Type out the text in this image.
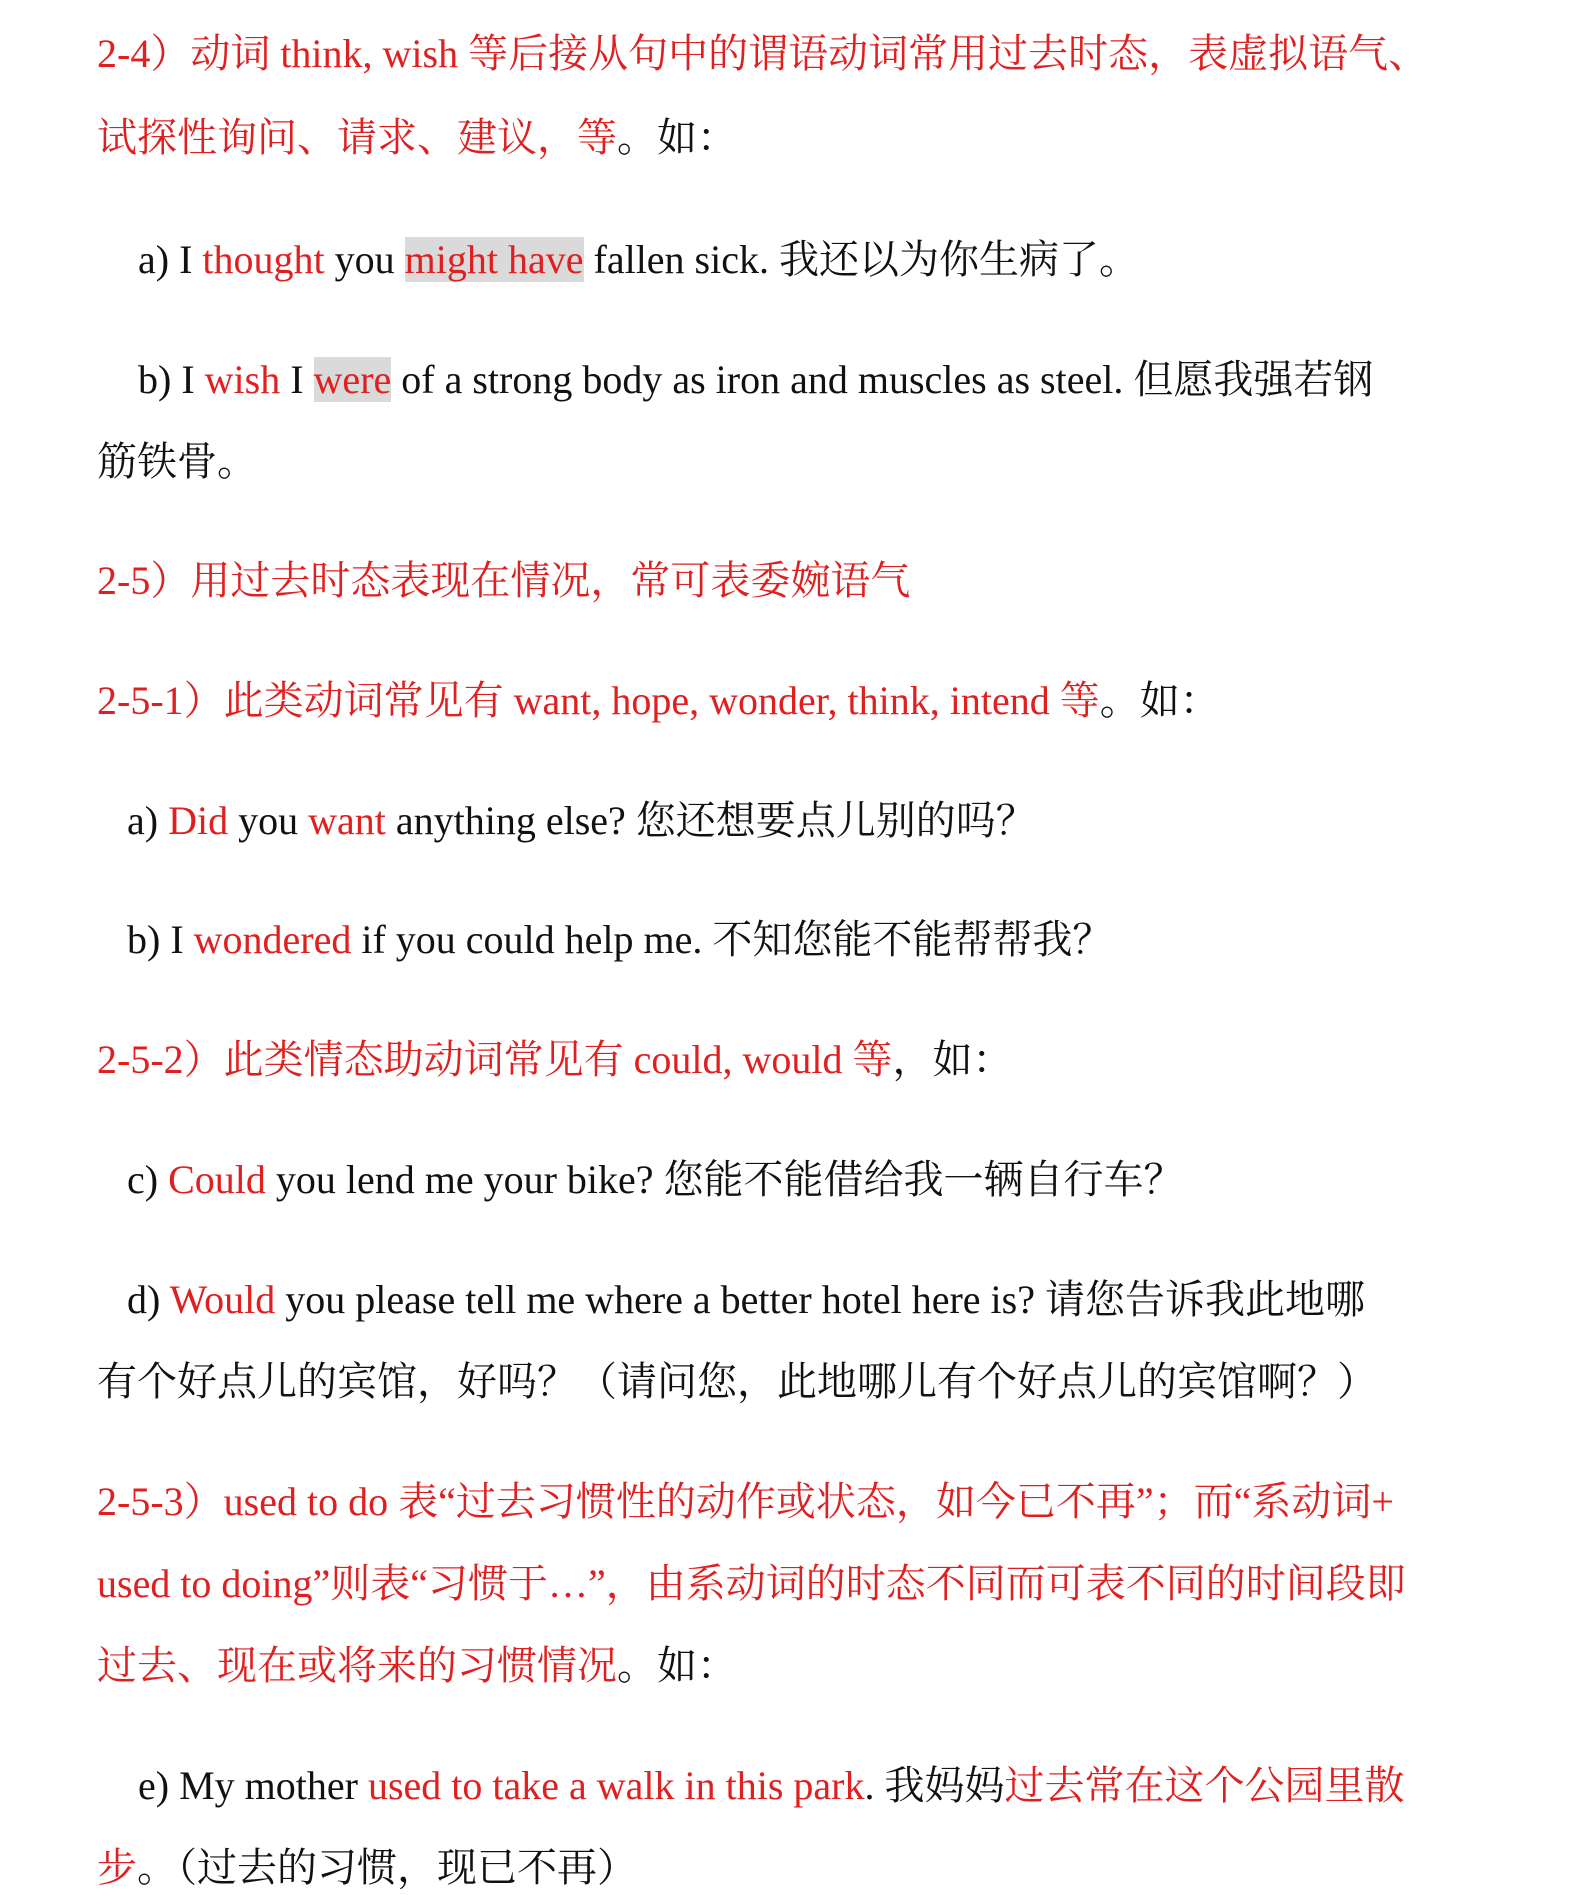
2-4）动词 think, wish 等后接从句中的谓语动词常用过去时态，表虚拟语气、
试探性询问、请求、建议，等。如：
a) I thought you might have fallen sick. 我还以为你生病了。
b) I wish I were of a strong body as iron and muscles as steel. 但愿我强若钢
筋铁骨。
2-5）用过去时态表现在情况，常可表委婉语气
2-5-1）此类动词常见有 want, hope, wonder, think, intend 等。如：
a) Did you want anything else? 您还想要点儿别的吗？
b) I wondered if you could help me. 不知您能不能帮帮我？
2-5-2）此类情态助动词常见有 could, would 等，如：
c) Could you lend me your bike? 您能不能借给我一辆自行车？
d) Would you please tell me where a better hotel here is? 请您告诉我此地哪
有个好点儿的宾馆，好吗？（请问您，此地哪儿有个好点儿的宾馆啊？）
2-5-3）used to do 表“过去习惯性的动作或状态，如今已不再”；而“系动词+
used to doing”则表“习惯于…”，由系动词的时态不同而可表不同的时间段即
过去、现在或将来的习惯情况。如：
e) My mother used to take a walk in this park. 我妈妈过去常在这个公园里散
步。（过去的习惯，现已不再）
